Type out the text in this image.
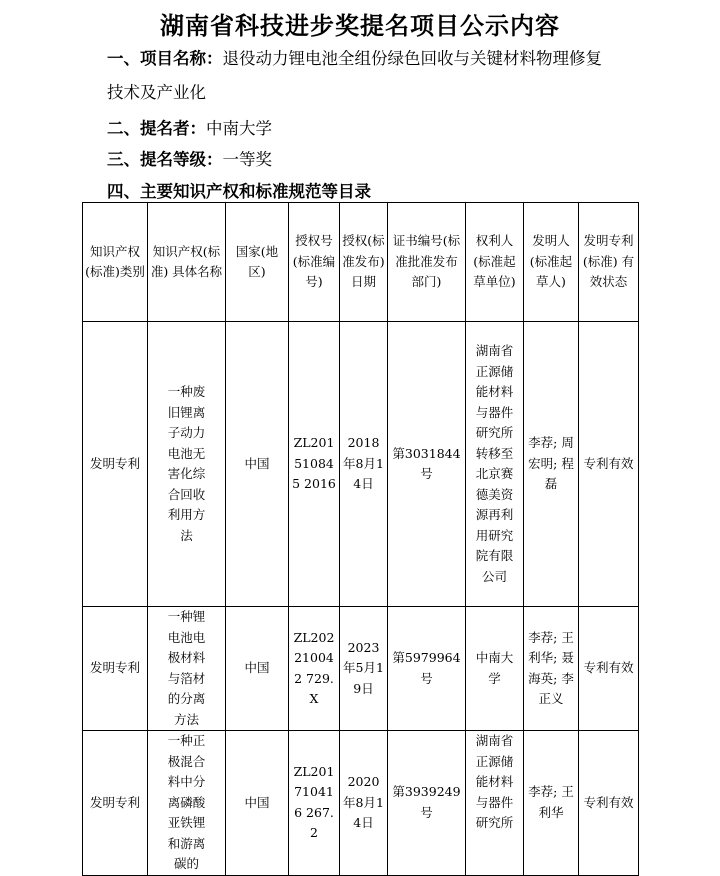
湖南省科技进步奖提名项目公示内容
一、项目名称：退役动力锂电池全组份绿色回收与关键材料物理修复
技术及产业化
二、提名者：中南大学
三、提名等级：一等奖
四、主要知识产权和标准规范等目录
知识产权(标准)类别	知识产权(标准) 具体名称	国家(地区)	授权号(标准编号)	授权(标准发布) 日期	证书编号(标准批准发布部门)	权利人(标准起草单位)	发明人(标准起草人)	发明专利 (标准) 有效状态
发明专利	一种废旧锂离子动力电池无害化综合回收利用方法	中国	ZL201510845 2016	2018年8月14日	第3031844号	湖南省正源储能材料与器件研究所转移至北京赛德美资源再利用研究院有限公司	李荐; 周宏明; 程磊	专利有效
发明专利	一种锂电池电极材料与箔材的分离方法	中国	ZL202210042 729.X	2023年5月19日	第5979964号	中南大学	李荐; 王利华; 聂海英; 李正义	专利有效
发明专利	一种正极混合料中分离磷酸亚铁锂和游离碳的	中国	ZL201710416 267.2	2020年8月14日	第3939249号	湖南省正源储能材料与器件研究所	李荐; 王利华	专利有效
